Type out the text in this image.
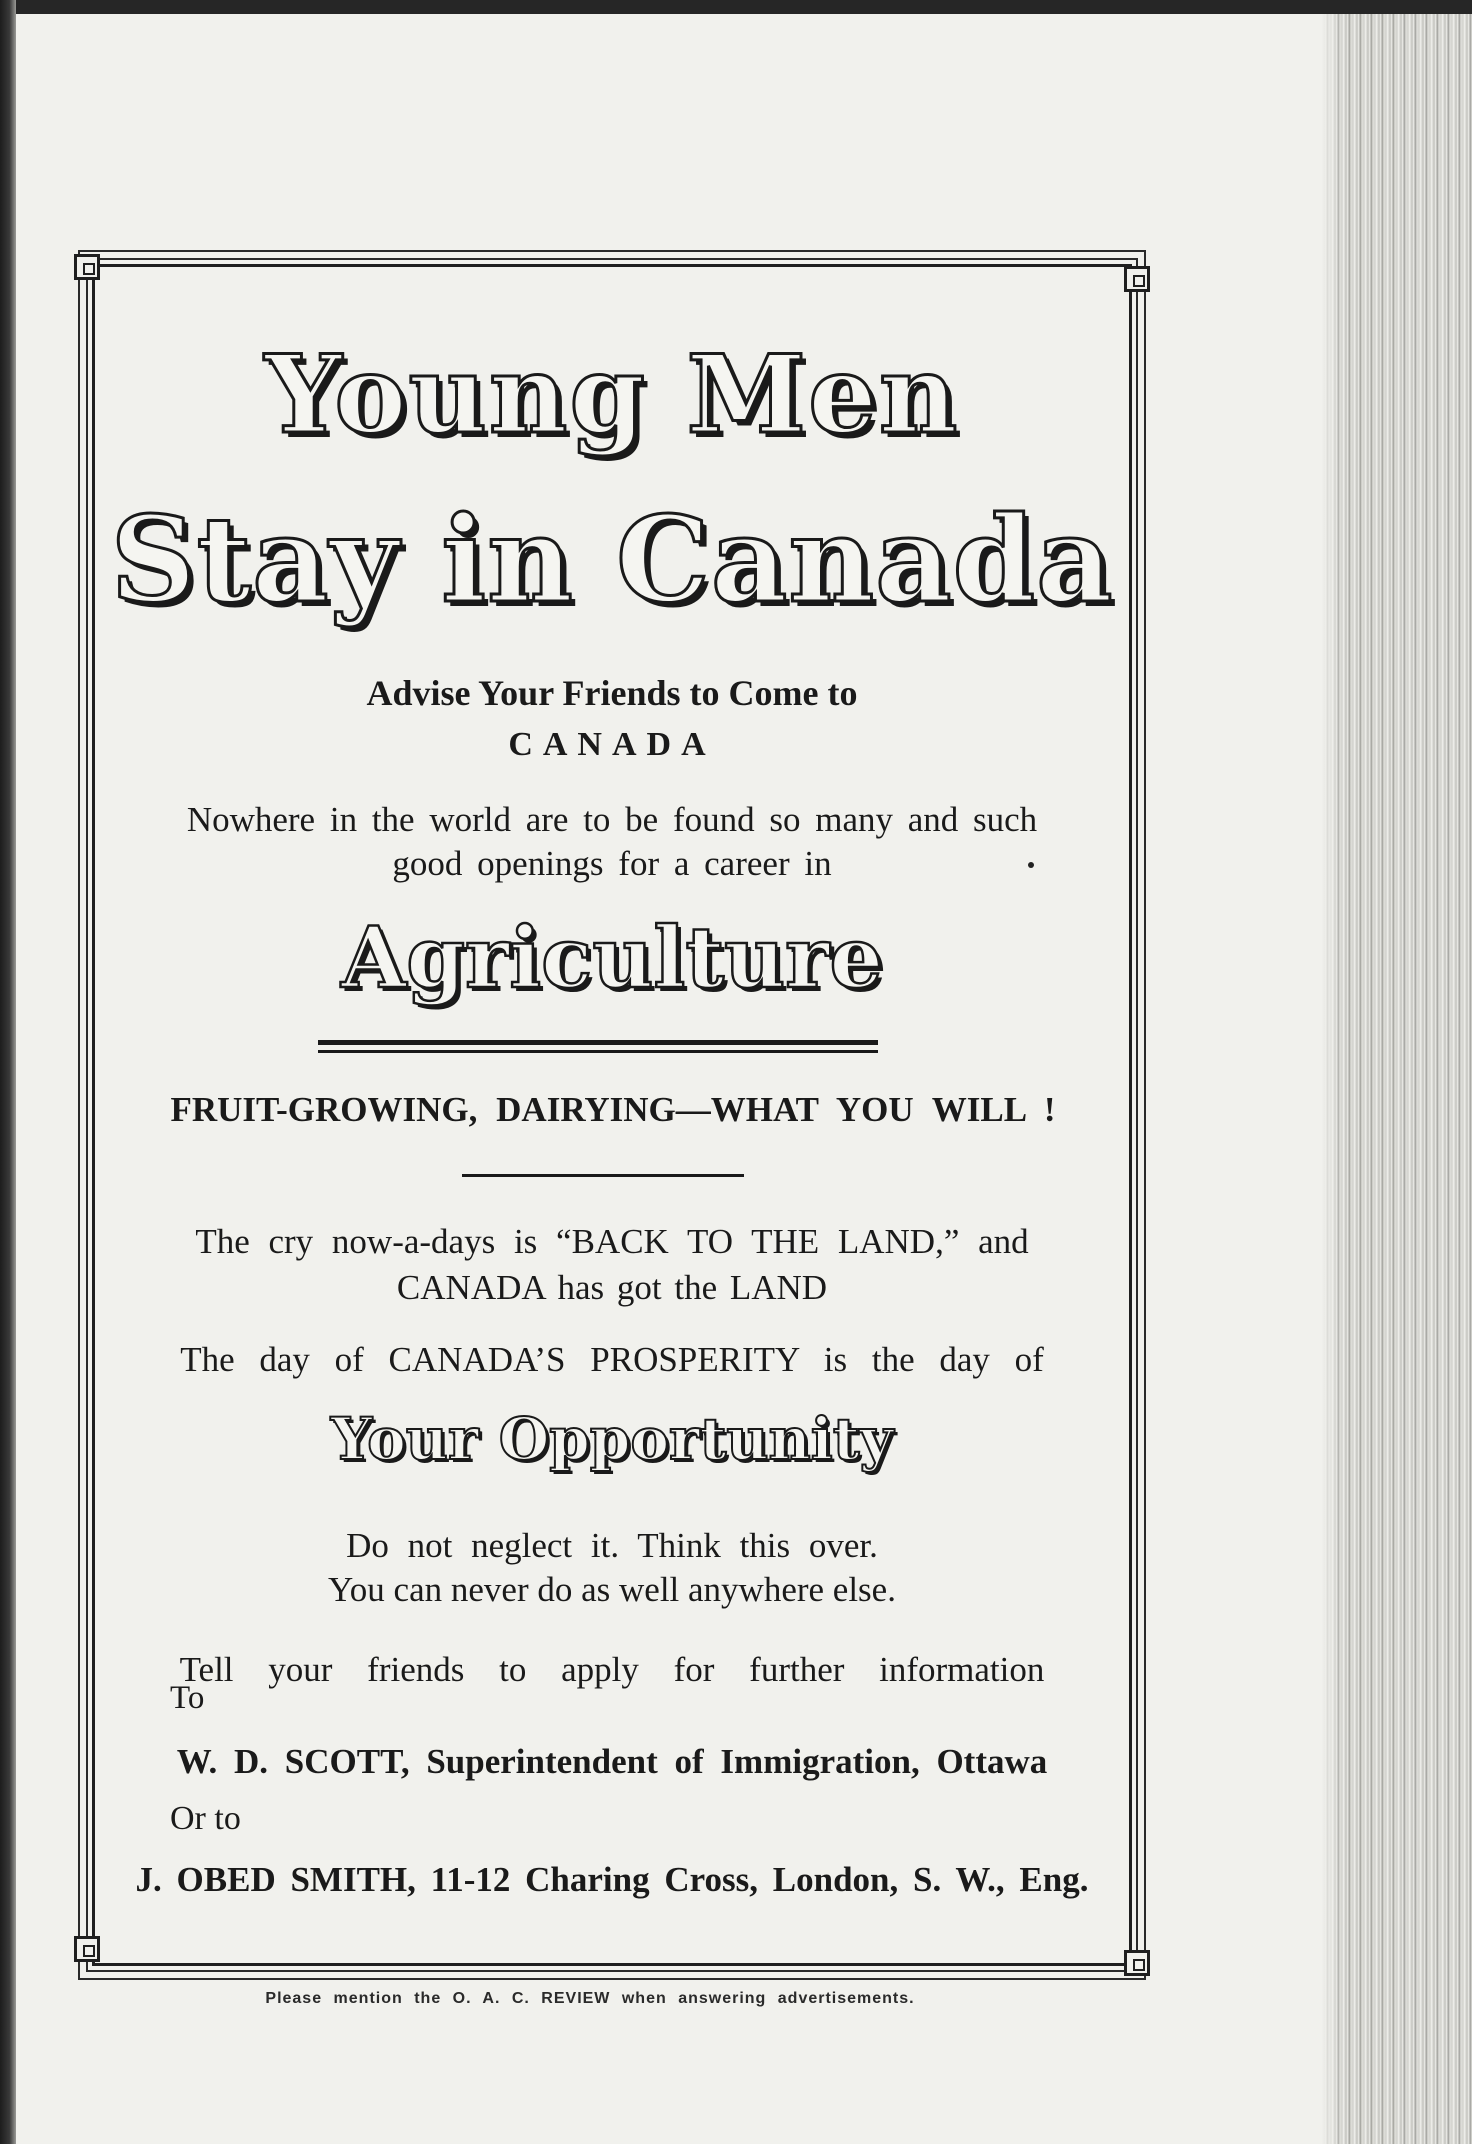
Young Men
Stay in Canada
Advise Your Friends to Come to
CANADA
Nowhere in the world are to be found so many and such
good openings for a career in
Agriculture
FRUIT-GROWING, DAIRYING—WHAT YOU WILL !
The cry now-a-days is “BACK TO THE LAND,” and
CANADA has got the LAND
The day of CANADA’S PROSPERITY is the day of
Your Opportunity
Do not neglect it. Think this over.
You can never do as well anywhere else.
Tell your friends to apply for further information
To
W. D. SCOTT, Superintendent of Immigration, Ottawa
Or to
J. OBED SMITH, 11-12 Charing Cross, London, S. W., Eng.
Please mention the O. A. C. REVIEW when answering advertisements.
